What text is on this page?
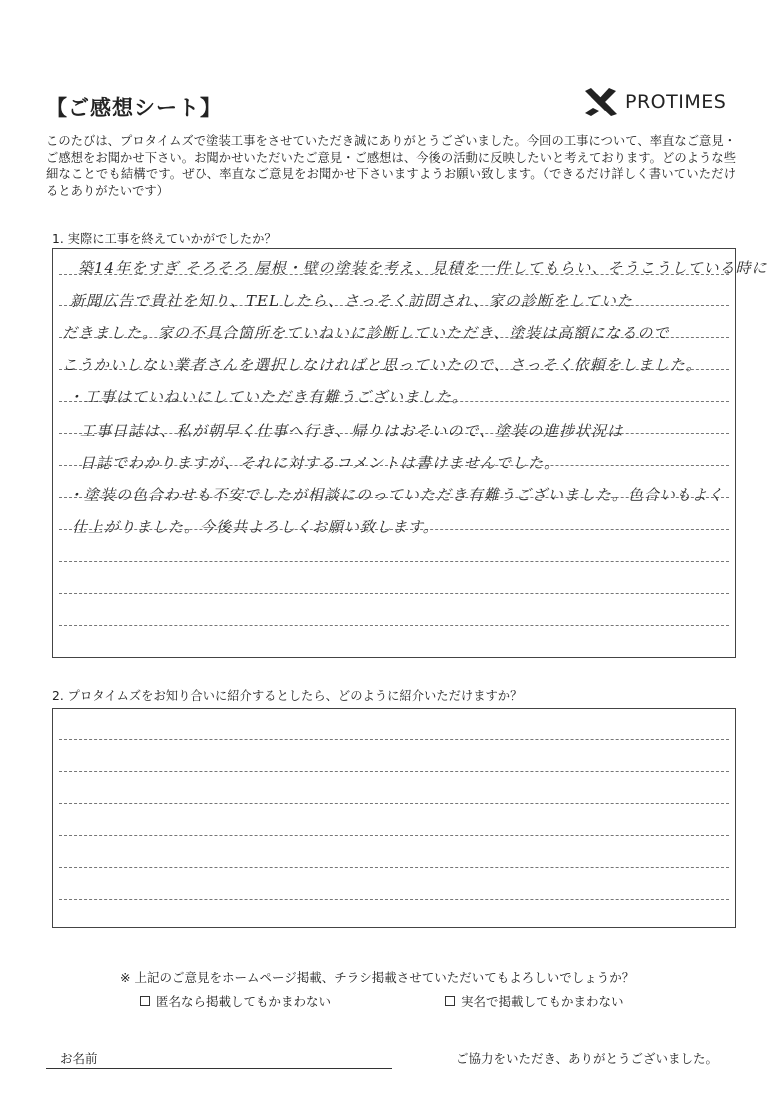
【ご感想シート】	PROTIMES
このたびは、プロタイムズで塗装工事をさせていただき誠にありがとうございました。今回の工事について、率直なご意見・ご感想をお聞かせ下さい。お聞かせいただいたご意見・ご感想は、今後の活動に反映したいと考えております。どのような些細なことでも結構です。ぜひ、率直なご意見をお聞かせ下さいますようお願い致します。（できるだけ詳しく書いていただけるとありがたいです）
1. 実際に工事を終えていかがでしたか？
築14年をすぎ そろそろ 屋根・壁の塗装を考え、見積を一件してもらい、そうこうしている時に
新聞広告で貴社を知り、TELしたら、さっそく訪問され、家の診断をしていた
だきました。家の不具合箇所をていねいに診断していただき、塗装は高額になるので
こうかいしない業者さんを選択しなければと思っていたので、さっそく依頼をしました。
・工事はていねいにしていただき有難うございました。
工事日誌は、私が朝早く仕事へ行き、帰りはおそいので、塗装の進捗状況は
日誌でわかりますが、それに対するコメントは書けませんでした。
・塗装の色合わせも不安でしたが相談にのっていただき有難うございました。色合いもよく
仕上がりました。今後共よろしくお願い致します。
2. プロタイムズをお知り合いに紹介するとしたら、どのように紹介いただけますか？
※ 上記のご意見をホームページ掲載、チラシ掲載させていただいてもよろしいでしょうか？
匿名なら掲載してもかまわない	実名で掲載してもかまわない
お名前	ご協力をいただき、ありがとうございました。
